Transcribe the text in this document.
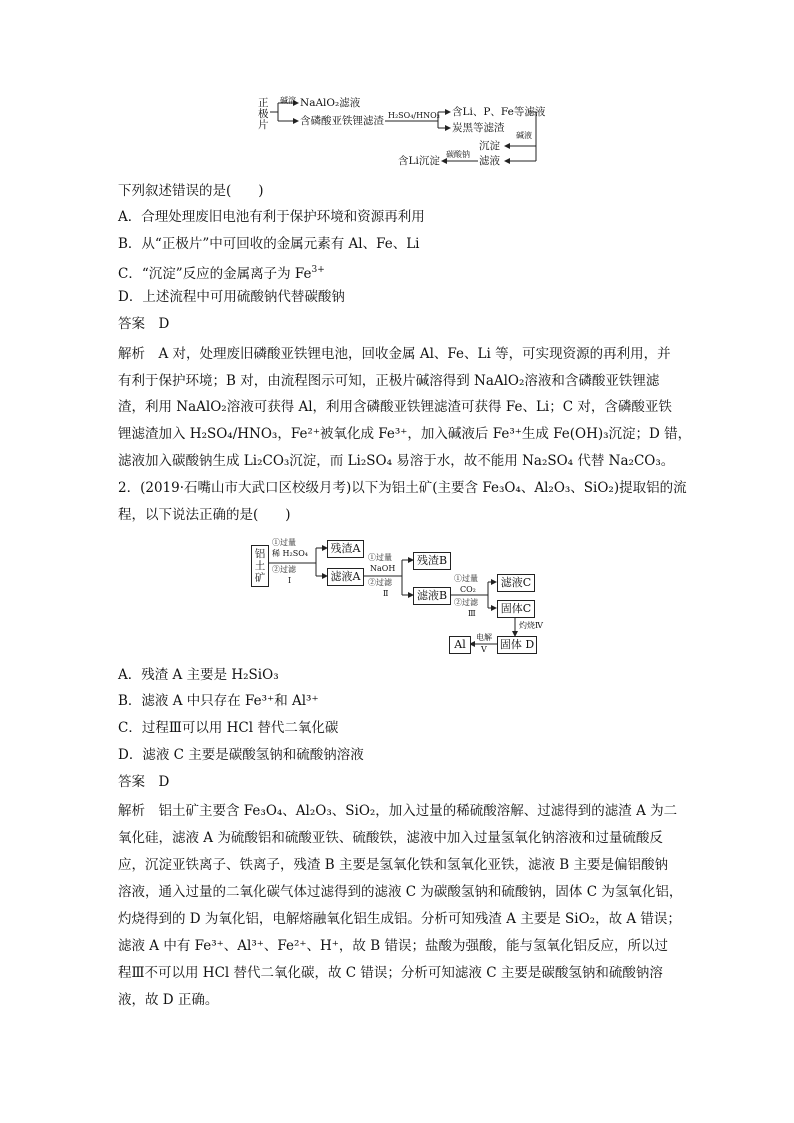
正极片
碱溶 NaAlO₂滤液
含磷酸亚铁锂滤渣 H₂SO₄/HNO₃ 含Li、P、Fe等滤液
炭黑等滤渣
碱液
沉淀
滤液
碳酸钠
含Li沉淀
下列叙述错误的是(　　)
A．合理处理废旧电池有利于保护环境和资源再利用
B．从“正极片”中可回收的金属元素有 Al、Fe、Li
C．“沉淀”反应的金属离子为 $Fe^{3+}$
D．上述流程中可用硫酸钠代替碳酸钠
答案　D
解析　A 对，处理废旧磷酸亚铁锂电池，回收金属 Al、Fe、Li 等，可实现资源的再利用，并
有利于保护环境；B 对，由流程图示可知，正极片碱溶得到 NaAlO₂溶液和含磷酸亚铁锂滤
渣，利用 NaAlO₂溶液可获得 Al，利用含磷酸亚铁锂滤渣可获得 Fe、Li；C 对，含磷酸亚铁
锂滤渣加入 H₂SO₄/HNO₃，Fe²⁺被氧化成 Fe³⁺，加入碱液后 Fe³⁺生成 Fe(OH)₃沉淀；D 错，
滤液加入碳酸钠生成 Li₂CO₃沉淀，而 Li₂SO₄ 易溶于水，故不能用 Na₂SO₄ 代替 Na₂CO₃。
2．(2019·石嘴山市大武口区校级月考)以下为铝土矿(主要含 Fe₃O₄、Al₂O₃、SiO₂)提取铝的流
程，以下说法正确的是(　　)
铝土矿
①过量
稀 H₂SO₄
②过滤
Ⅰ
残渣A
滤液A
①过量
NaOH
②过滤
Ⅱ
残渣B
滤液B
①过量
CO₂
②过滤
Ⅲ
滤液C
固体C
灼烧Ⅳ
固体 D
电解
Ⅴ
Al
A．残渣 A 主要是 H₂SiO₃
B．滤液 A 中只存在 Fe³⁺和 Al³⁺
C．过程Ⅲ可以用 HCl 替代二氧化碳
D．滤液 C 主要是碳酸氢钠和硫酸钠溶液
答案　D
解析　铝土矿主要含 Fe₃O₄、Al₂O₃、SiO₂，加入过量的稀硫酸溶解、过滤得到的滤渣 A 为二
氧化硅，滤液 A 为硫酸铝和硫酸亚铁、硫酸铁，滤液中加入过量氢氧化钠溶液和过量硫酸反
应，沉淀亚铁离子、铁离子，残渣 B 主要是氢氧化铁和氢氧化亚铁，滤液 B 主要是偏铝酸钠
溶液，通入过量的二氧化碳气体过滤得到的滤液 C 为碳酸氢钠和硫酸钠，固体 C 为氢氧化铝，
灼烧得到的 D 为氧化铝，电解熔融氧化铝生成铝。分析可知残渣 A 主要是 SiO₂，故 A 错误；
滤液 A 中有 Fe³⁺、Al³⁺、Fe²⁺、H⁺，故 B 错误；盐酸为强酸，能与氢氧化铝反应，所以过
程Ⅲ不可以用 HCl 替代二氧化碳，故 C 错误；分析可知滤液 C 主要是碳酸氢钠和硫酸钠溶
液，故 D 正确。
